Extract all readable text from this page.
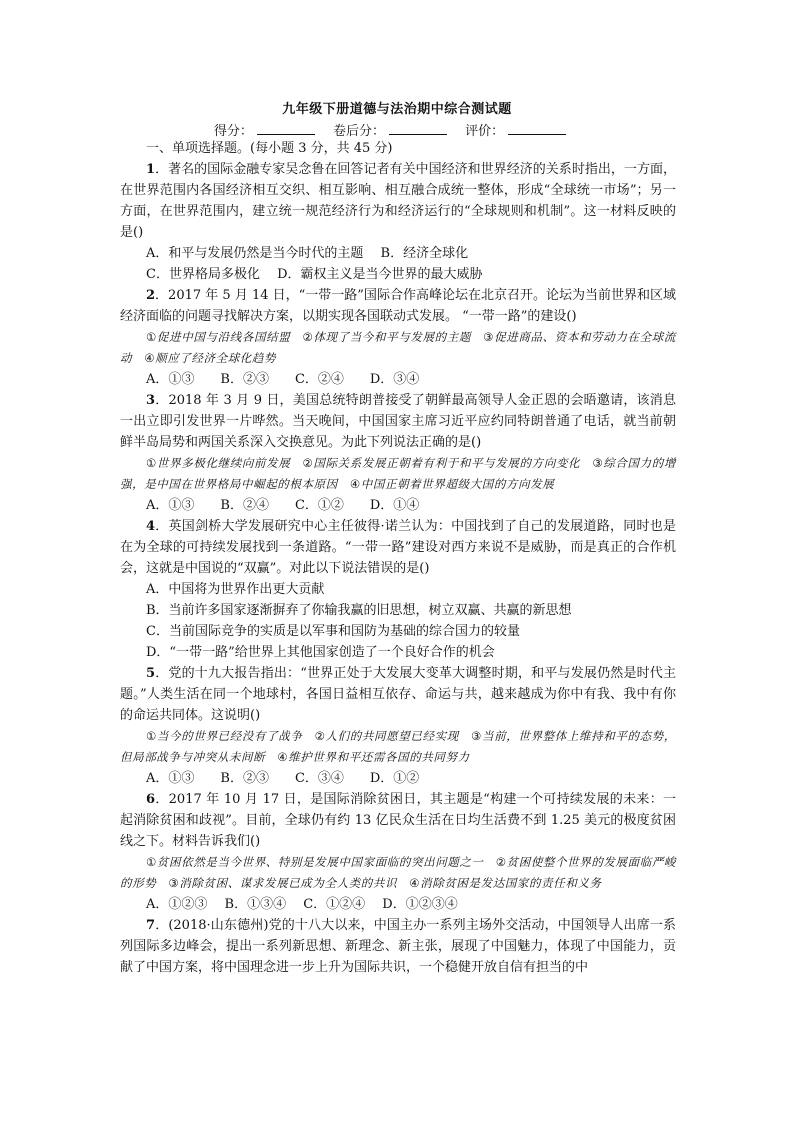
九年级下册道德与法治期中综合测试题
得分：	卷后分：	评价：

一、单项选择题。(每小题 3 分，共 45 分)

1．著名的国际金融专家吴念鲁在回答记者有关中国经济和世界经济的关系时指出，一方面，在世界范围内各国经济相互交织、相互影响、相互融合成统一整体，形成“全球统一市场”；另一方面，在世界范围内，建立统一规范经济行为和经济运行的“全球规则和机制”。这一材料反映的是()

A．和平与发展仍然是当今时代的主题　 B．经济全球化

C．世界格局多极化　 D．霸权主义是当今世界的最大威胁

2．2017 年 5 月 14 日，“一带一路”国际合作高峰论坛在北京召开。论坛为当前世界和区域经济面临的问题寻找解决方案，以期实现各国联动式发展。 “一带一路”的建设()

①促进中国与沿线各国结盟　②体现了当今和平与发展的主题　③促进商品、资本和劳动力在全球流动　④顺应了经济全球化趋势

A．①③　　B．②③　　C．②④　　D．③④

3．2018 年 3 月 9 日，美国总统特朗普接受了朝鲜最高领导人金正恩的会晤邀请，该消息一出立即引发世界一片哗然。当天晚间，中国国家主席习近平应约同特朗普通了电话，就当前朝鲜半岛局势和两国关系深入交换意见。为此下列说法正确的是()

①世界多极化继续向前发展　②国际关系发展正朝着有利于和平与发展的方向变化　③综合国力的增强，是中国在世界格局中崛起的根本原因　④中国正朝着世界超级大国的方向发展

A．①③　　B．②④　　C．①②　　D．①④

4．英国剑桥大学发展研究中心主任彼得·诺兰认为：中国找到了自己的发展道路，同时也是在为全球的可持续发展找到一条道路。“一带一路”建设对西方来说不是威胁，而是真正的合作机会，这就是中国说的“双赢”。对此以下说法错误的是()

A．中国将为世界作出更大贡献

B．当前许多国家逐渐摒弃了你输我赢的旧思想，树立双赢、共赢的新思想

C．当前国际竞争的实质是以军事和国防为基础的综合国力的较量

D．“一带一路”给世界上其他国家创造了一个良好合作的机会

5．党的十九大报告指出：“世界正处于大发展大变革大调整时期，和平与发展仍然是时代主题。”人类生活在同一个地球村，各国日益相互依存、命运与共，越来越成为你中有我、我中有你的命运共同体。这说明()

①当今的世界已经没有了战争　②人们的共同愿望已经实现　③当前，世界整体上维持和平的态势，但局部战争与冲突从未间断　④维护世界和平还需各国的共同努力

A．①③　　B．②③　　C．③④　　D．①②

6．2017 年 10 月 17 日，是国际消除贫困日，其主题是“构建一个可持续发展的未来：一起消除贫困和歧视”。目前，全球仍有约 13 亿民众生活在日均生活费不到 1.25 美元的极度贫困线之下。材料告诉我们()

①贫困依然是当今世界、特别是发展中国家面临的突出问题之一　②贫困使整个世界的发展面临严峻的形势　③消除贫困、谋求发展已成为全人类的共识　④消除贫困是发达国家的责任和义务

A．①②③　 B．①③④　 C．①②④　 D．①②③④

7．(2018·山东德州)党的十八大以来，中国主办一系列主场外交活动，中国领导人出席一系列国际多边峰会，提出一系列新思想、新理念、新主张，展现了中国魅力，体现了中国能力，贡献了中国方案，将中国理念进一步上升为国际共识，一个稳健开放自信有担当的中
